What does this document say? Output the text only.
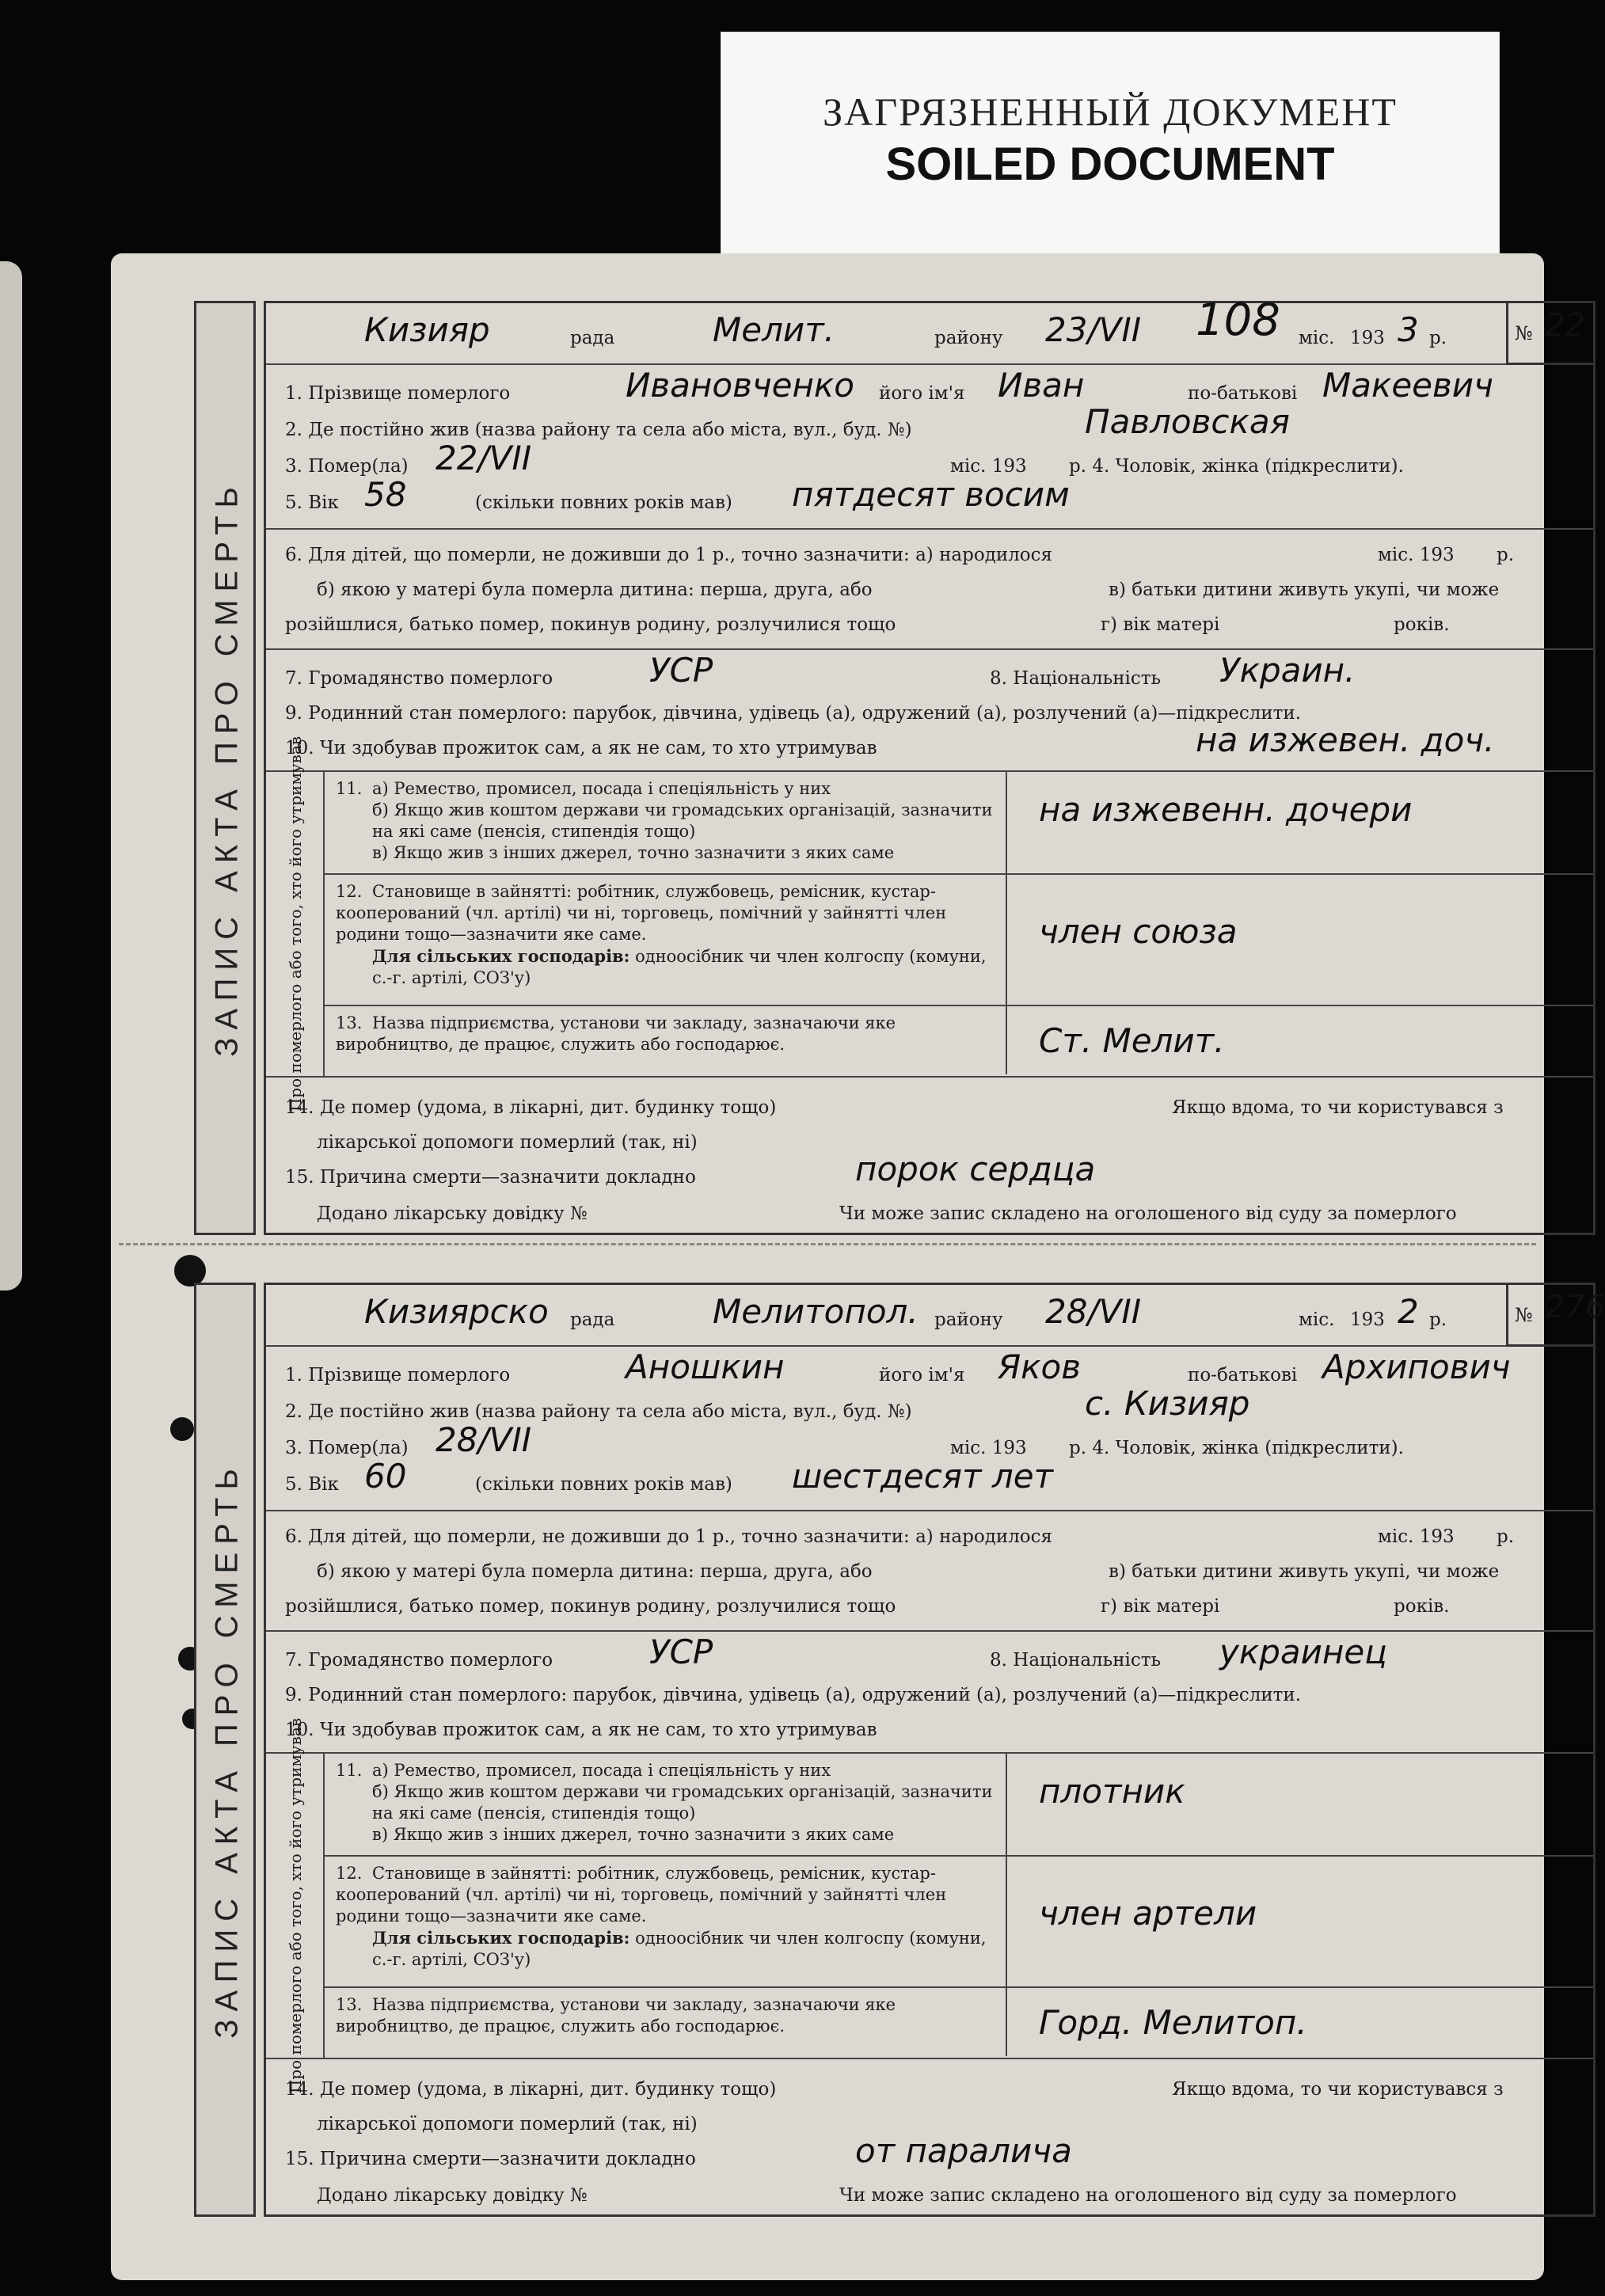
ЗАГРЯЗНЕННЫЙ ДОКУМЕНТ
SOILED DOCUMENT
ЗАПИС АКТА ПРО СМЕРТЬ
№ 22
Кизияр	рада	Мелит.	району 23/VII 108 міс. 193 3 р.
1. Прізвище померлого	Ивановченко його ім'я Иван	по-батькові Макеевич
2. Де постійно жив (назва району та села або міста, вул., буд. №)	Павловская
3. Помер(ла) 22/VII	міс. 193 р. 4. Чоловік, жінка (підкреслити).
5. Вік 58	(скільки повних років мав) пятдесят восим
6. Для дітей, що померли, не доживши до 1 р., точно зазначити: а) народилося	міс. 193 р.
б) якою у матері була померла дитина: перша, друга, або	в) батьки дитини живуть укупі, чи може
розійшлися, батько помер, покинув родину, розлучилися тощо	г) вік матері	років.
7. Громадянство померлого	УСР	8. Національність Украин.
9. Родинний стан померлого: парубок, дівчина, удівець (а), одружений (а), розлучений (а)—підкреслити.
10. Чи здобував прожиток сам, а як не сам, то хто утримував	на изжевен. доч.
Про померлого або того, хто його утримував 11. а) Ремество, промисел, посада і спеціяльність у них
б) Якщо жив коштом держави чи громадських організацій, зазначити на які саме (пенсія, стипендія тощо)
в) Якщо жив з інших джерел, точно зазначити з яких саме
на изжевенн. дочери
12. Становище в зайнятті: робітник, службовець, ремісник, кустар-кооперований (чл. артілі) чи ні, торговець, помічний у зайнятті член родини тощо—зазначити яке саме.
Для сільських господарів: одноосібник чи член колгоспу (комуни, с.-г. артілі, СОЗ'у)
член союза
13. Назва підприємства, установи чи закладу, зазначаючи яке виробництво, де працює, служить або господарює.	Ст. Мелит.
14. Де помер (удома, в лікарні, дит. будинку тощо)	Якщо вдома, то чи користувався з
лікарської допомоги померлий (так, ні)
15. Причина смерти—зазначити докладно	порок сердца
Додано лікарську довідку №	Чи може запис складено на оголошеного від суду за померлого
ЗАПИС АКТА ПРО СМЕРТЬ
№ 276
Кизиярско рада	Мелитопол. району 28/VII	міс. 193 2 р.
1. Прізвище померлого	Аношкин	його ім'я Яков	по-батькові Архипович
2. Де постійно жив (назва району та села або міста, вул., буд. №)	с. Кизияр
3. Помер(ла) 28/VII	міс. 193 р. 4. Чоловік, жінка (підкреслити).
5. Вік 60	(скільки повних років мав) шестдесят лет
6. Для дітей, що померли, не доживши до 1 р., точно зазначити: а) народилося	міс. 193 р.
б) якою у матері була померла дитина: перша, друга, або	в) батьки дитини живуть укупі, чи може
розійшлися, батько помер, покинув родину, розлучилися тощо	г) вік матері	років.
7. Громадянство померлого	УСР	8. Національність украинец
9. Родинний стан померлого: парубок, дівчина, удівець (а), одружений (а), розлучений (а)—підкреслити.
10. Чи здобував прожиток сам, а як не сам, то хто утримував
Про померлого або того, хто його утримував 11. а) Ремество, промисел, посада і спеціяльність у них
б) Якщо жив коштом держави чи громадських організацій, зазначити на які саме (пенсія, стипендія тощо)
в) Якщо жив з інших джерел, точно зазначити з яких саме
плотник
12. Становище в зайнятті: робітник, службовець, ремісник, кустар-кооперований (чл. артілі) чи ні, торговець, помічний у зайнятті член родини тощо—зазначити яке саме.
Для сільських господарів: одноосібник чи член колгоспу (комуни, с.-г. артілі, СОЗ'у)
член артели
13. Назва підприємства, установи чи закладу, зазначаючи яке виробництво, де працює, служить або господарює.	Горд. Мелитоп.
14. Де помер (удома, в лікарні, дит. будинку тощо)	Якщо вдома, то чи користувався з
лікарської допомоги померлий (так, ні)
15. Причина смерти—зазначити докладно	от паралича
Додано лікарську довідку №	Чи може запис складено на оголошеного від суду за померлого
